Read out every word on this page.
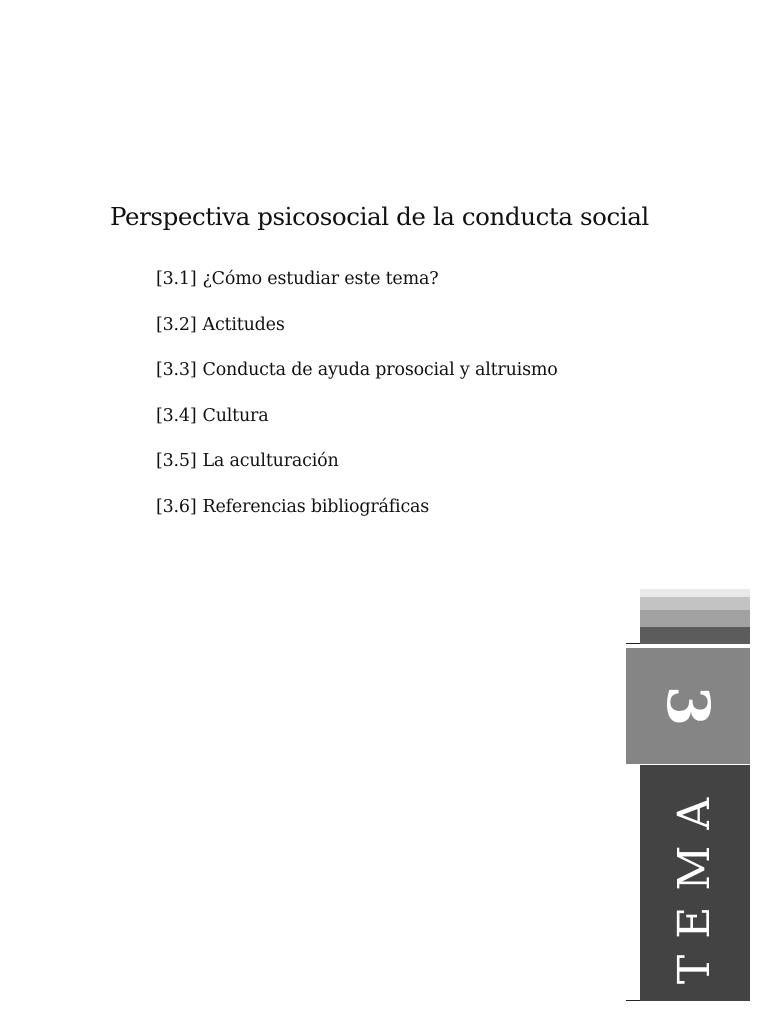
Perspectiva psicosocial de la conducta social
[3.1] ¿Cómo estudiar este tema?
[3.2] Actitudes
[3.3] Conducta de ayuda prosocial y altruismo
[3.4] Cultura
[3.5] La aculturación
[3.6] Referencias bibliográficas
3
TEMA
